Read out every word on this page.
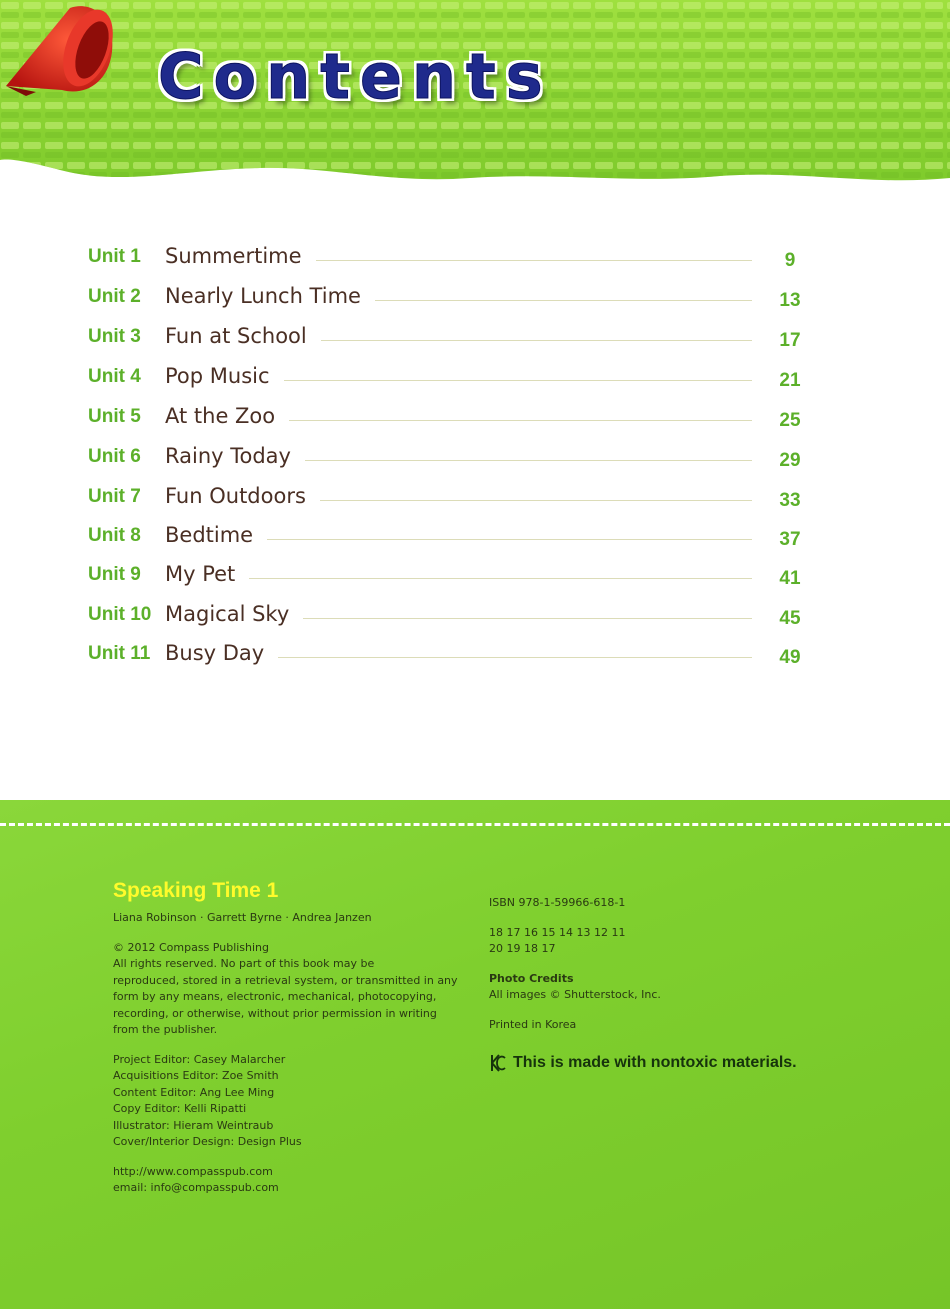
Contents
Unit 1 Summertime	9
Unit 2 Nearly Lunch Time	13
Unit 3 Fun at School	17
Unit 4 Pop Music	21
Unit 5 At the Zoo	25
Unit 6 Rainy Today	29
Unit 7 Fun Outdoors	33
Unit 8 Bedtime	37
Unit 9 My Pet	41
Unit 10 Magical Sky	45
Unit 11 Busy Day	49

Speaking Time 1

Liana Robinson · Garrett Byrne · Andrea Janzen

© 2012 Compass Publishing

All rights reserved. No part of this book may be

reproduced, stored in a retrieval system, or transmitted in any

form by any means, electronic, mechanical, photocopying,

recording, or otherwise, without prior permission in writing

from the publisher.

Project Editor: Casey Malarcher

Acquisitions Editor: Zoe Smith

Content Editor: Ang Lee Ming

Copy Editor: Kelli Ripatti

Illustrator: Hieram Weintraub

Cover/Interior Design: Design Plus

http://www.compasspub.com

email: info@compasspub.com

ISBN 978-1-59966-618-1

18 17 16 15 14 13 12 11

20 19 18 17

Photo Credits

All images © Shutterstock, Inc.

Printed in Korea

This is made with nontoxic materials.
